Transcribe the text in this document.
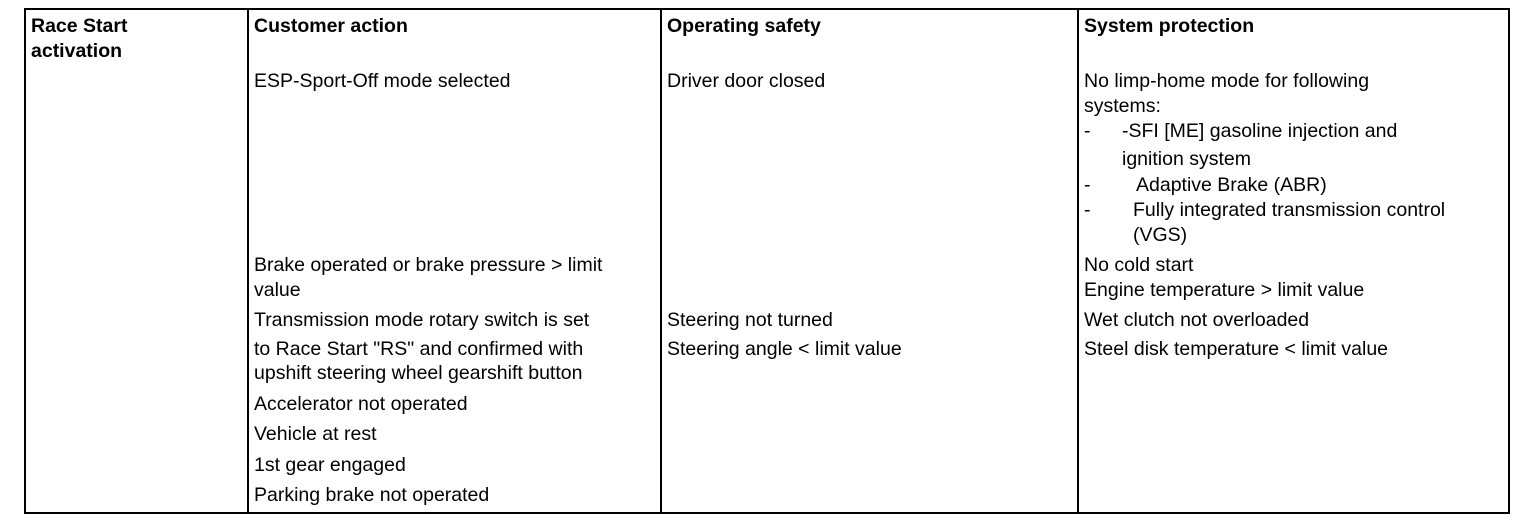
Race Start
activation
Customer action	Operating safety	System protection
ESP-Sport-Off mode selected
Brake operated or brake pressure > limit
value
Transmission mode rotary switch is set
to Race Start "RS" and confirmed with
upshift steering wheel gearshift button
Accelerator not operated
Vehicle at rest
1st gear engaged
Parking brake not operated
Driver door closed
Steering not turned
Steering angle < limit value
No limp-home mode for following
systems:
- -SFI [ME] gasoline injection and
ignition system
- Adaptive Brake (ABR)
- Fully integrated transmission control
(VGS)
No cold start
Engine temperature > limit value
Wet clutch not overloaded
Steel disk temperature < limit value
